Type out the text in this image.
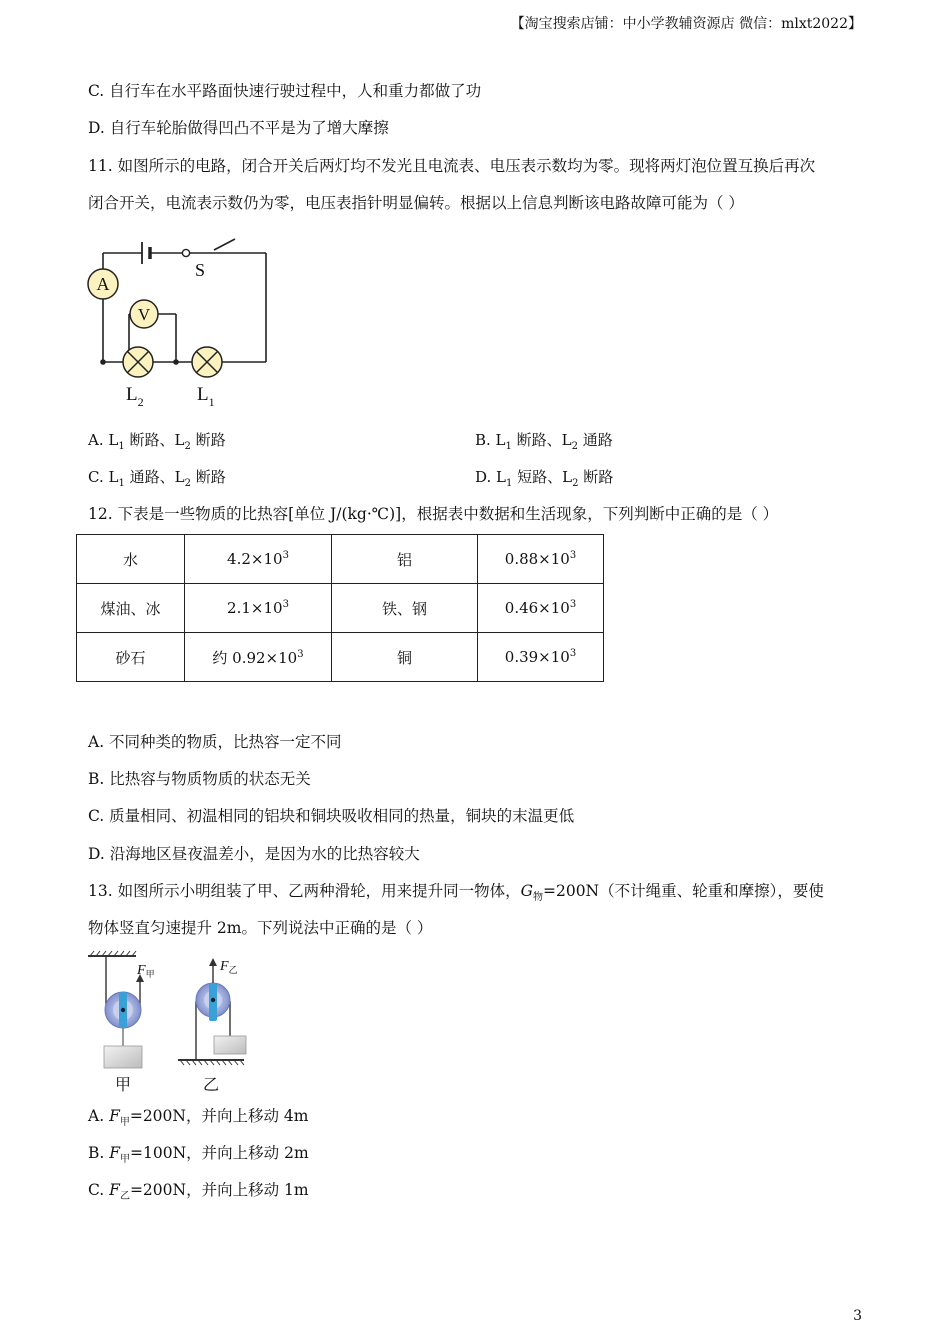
【淘宝搜索店铺：中小学教辅资源店 微信：mlxt2022】
C. 自行车在水平路面快速行驶过程中，人和重力都做了功
D. 自行车轮胎做得凹凸不平是为了增大摩擦
11. 如图所示的电路，闭合开关后两灯均不发光且电流表、电压表示数均为零。现将两灯泡位置互换后再次
闭合开关，电流表示数仍为零，电压表指针明显偏转。根据以上信息判断该电路故障可能为（ ）
S
A
V
$L_2$	$L_1$
A. $L_1$ 断路、$L_2$ 断路	B. $L_1$ 断路、$L_2$ 通路
C. $L_1$ 通路、$L_2$ 断路	D. $L_1$ 短路、$L_2$ 断路
12. 下表是一些物质的比热容[单位 J/(kg·℃)]，根据表中数据和生活现象，下列判断中正确的是（ ）
水	$4.2\times 10^3$	铝	$0.88\times 10^3$
煤油、冰	$2.1\times 10^3$	铁、钢	$0.46\times 10^3$
砂石	约 $0.92\times 10^3$	铜	$0.39\times 10^3$
A. 不同种类的物质，比热容一定不同
B. 比热容与物质物质的状态无关
C. 质量相同、初温相同的铝块和铜块吸收相同的热量，铜块的末温更低
D. 沿海地区昼夜温差小，是因为水的比热容较大
13. 如图所示小明组装了甲、乙两种滑轮，用来提升同一物体，$G_物=200N$（不计绳重、轮重和摩擦），要使
物体竖直匀速提升 2m。下列说法中正确的是（ ）
$F_甲$
甲
$F_乙$
乙
A. $F_甲=200N$，并向上移动 4m
B. $F_甲=100N$，并向上移动 2m
C. $F_乙=200N$，并向上移动 1m
3
